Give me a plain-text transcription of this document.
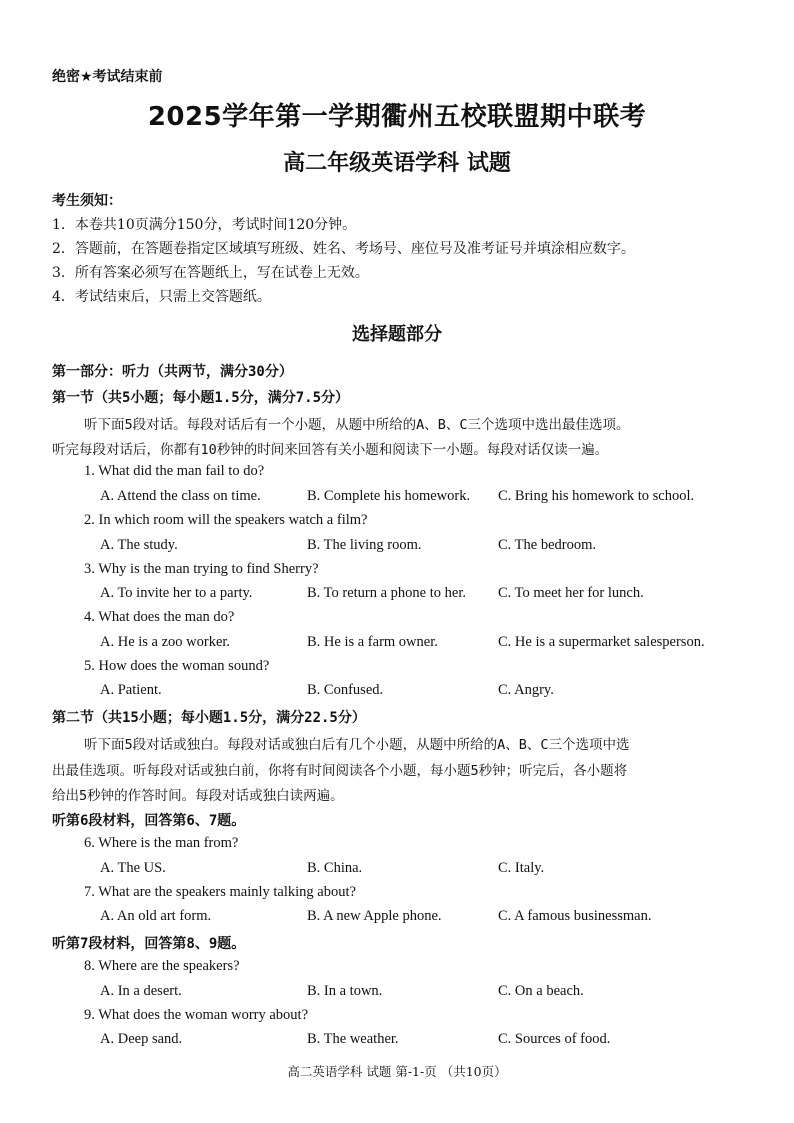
绝密★考试结束前
2025学年第一学期衢州五校联盟期中联考
高二年级英语学科 试题
考生须知：
1．本卷共10页满分150分，考试时间120分钟。
2．答题前，在答题卷指定区域填写班级、姓名、考场号、座位号及准考证号并填涂相应数字。
3．所有答案必须写在答题纸上，写在试卷上无效。
4．考试结束后，只需上交答题纸。
选择题部分
第一部分：听力（共两节，满分30分）
第一节（共5小题；每小题1.5分，满分7.5分）
听下面5段对话。每段对话后有一个小题，从题中所给的A、B、C三个选项中选出最佳选项。
听完每段对话后，你都有10秒钟的时间来回答有关小题和阅读下一小题。每段对话仅读一遍。
1. What did the man fail to do?
A. Attend the class on time.	B. Complete his homework. C. Bring his homework to school.
2. In which room will the speakers watch a film?
A. The study.	B. The living room.	C. The bedroom.
3. Why is the man trying to find Sherry?
A. To invite her to a party.	B. To return a phone to her. C. To meet her for lunch.
4. What does the man do?
A. He is a zoo worker.	B. He is a farm owner.	C. He is a supermarket salesperson.
5. How does the woman sound?
A. Patient.	B. Confused.	C. Angry.
第二节（共15小题；每小题1.5分，满分22.5分）
听下面5段对话或独白。每段对话或独白后有几个小题，从题中所给的A、B、C三个选项中选
出最佳选项。听每段对话或独白前，你将有时间阅读各个小题，每小题5秒钟；听完后，各小题将
给出5秒钟的作答时间。每段对话或独白读两遍。
听第6段材料，回答第6、7题。
6. Where is the man from?
A. The US.	B. China.	C. Italy.
7. What are the speakers mainly talking about?
A. An old art form.	B. A new Apple phone.	C. A famous businessman.
听第7段材料，回答第8、9题。
8. Where are the speakers?
A. In a desert.	B. In a town.	C. On a beach.
9. What does the woman worry about?
A. Deep sand.	B. The weather.	C. Sources of food.
高二英语学科 试题 第-1-页 （共10页）
